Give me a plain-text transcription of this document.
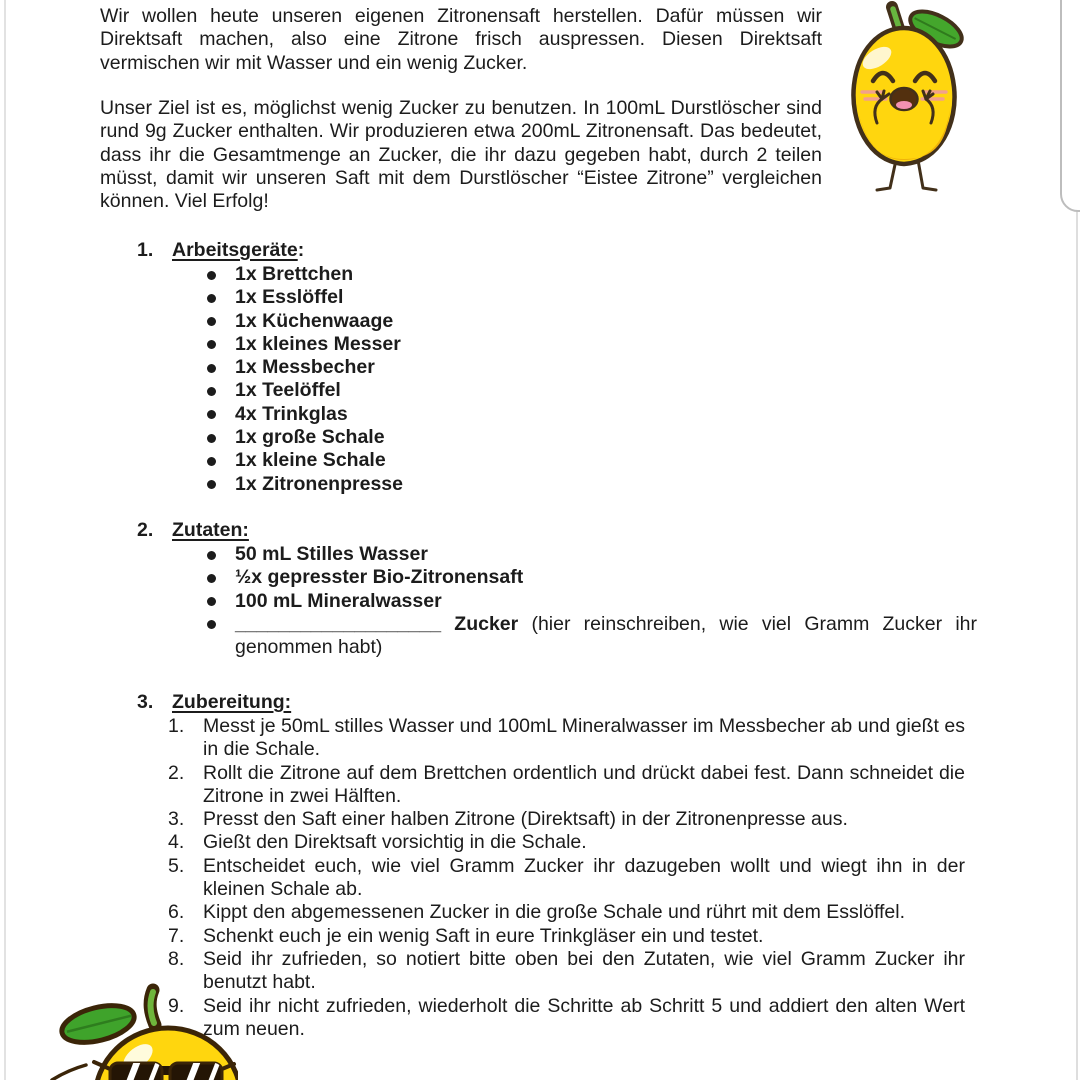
Wir wollen heute unseren eigenen Zitronensaft herstellen. Dafür müssen wir Direktsaft machen, also eine Zitrone frisch auspressen. Diesen Direktsaft vermischen wir mit Wasser und ein wenig Zucker.

Unser Ziel ist es, möglichst wenig Zucker zu benutzen. In 100mL Durstlöscher sind rund 9g Zucker enthalten. Wir produzieren etwa 200mL Zitronensaft. Das bedeutet, dass ihr die Gesamtmenge an Zucker, die ihr dazu gegeben habt, durch 2 teilen müsst, damit wir unseren Saft mit dem Durstlöscher “Eistee Zitrone” vergleichen können. Viel Erfolg!

1. Arbeitsgeräte:
1x Brettchen
1x Esslöffel
1x Küchenwaage
1x kleines Messer
1x Messbecher
1x Teelöffel
4x Trinkglas
1x große Schale
1x kleine Schale
1x Zitronenpresse
2. Zutaten:
50 mL Stilles Wasser
½x gepresster Bio-Zitronensaft
100 mL Mineralwasser
___________________ Zucker (hier reinschreiben, wie viel Gramm Zucker ihr genommen habt)
3. Zubereitung:
1. Messt je 50mL stilles Wasser und 100mL Mineralwasser im Messbecher ab und gießt es in die Schale.
2. Rollt die Zitrone auf dem Brettchen ordentlich und drückt dabei fest. Dann schneidet die Zitrone in zwei Hälften.
3. Presst den Saft einer halben Zitrone (Direktsaft) in der Zitronenpresse aus.
4. Gießt den Direktsaft vorsichtig in die Schale.
5. Entscheidet euch, wie viel Gramm Zucker ihr dazugeben wollt und wiegt ihn in der kleinen Schale ab.
6. Kippt den abgemessenen Zucker in die große Schale und rührt mit dem Esslöffel.
7. Schenkt euch je ein wenig Saft in eure Trinkgläser ein und testet.
8. Seid ihr zufrieden, so notiert bitte oben bei den Zutaten, wie viel Gramm Zucker ihr benutzt habt.
9. Seid ihr nicht zufrieden, wiederholt die Schritte ab Schritt 5 und addiert den alten Wert zum neuen.
